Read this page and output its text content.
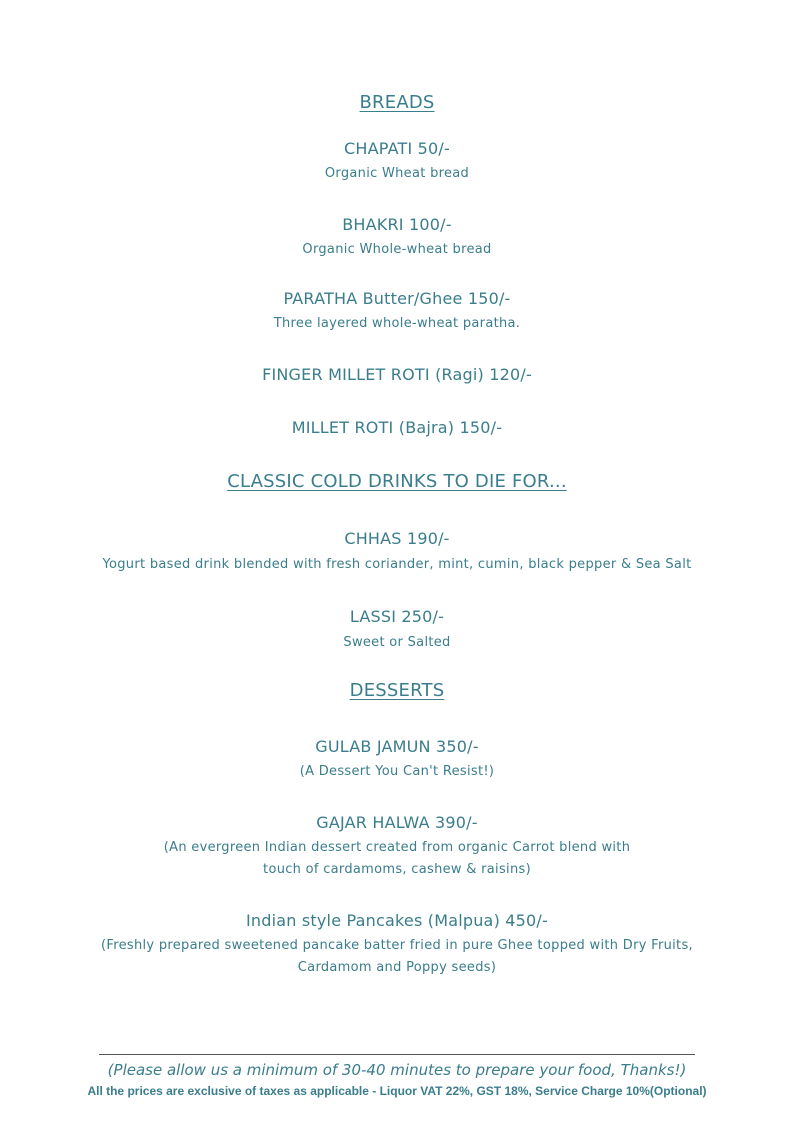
BREADS
CHAPATI 50/-
Organic Wheat bread
BHAKRI 100/-
Organic Whole-wheat bread
PARATHA Butter/Ghee 150/-
Three layered whole-wheat paratha.
FINGER MILLET ROTI (Ragi) 120/-
MILLET ROTI (Bajra) 150/-
CLASSIC COLD DRINKS TO DIE FOR...
CHHAS 190/-
Yogurt based drink blended with fresh coriander, mint, cumin, black pepper & Sea Salt
LASSI 250/-
Sweet or Salted
DESSERTS
GULAB JAMUN 350/-
(A Dessert You Can't Resist!)
GAJAR HALWA 390/-
(An evergreen Indian dessert created from organic Carrot blend with
touch of cardamoms, cashew & raisins)
Indian style Pancakes (Malpua) 450/-
(Freshly prepared sweetened pancake batter fried in pure Ghee topped with Dry Fruits,
Cardamom and Poppy seeds)
(Please allow us a minimum of 30-40 minutes to prepare your food, Thanks!)
All the prices are exclusive of taxes as applicable - Liquor VAT 22%, GST 18%, Service Charge 10%(Optional)
